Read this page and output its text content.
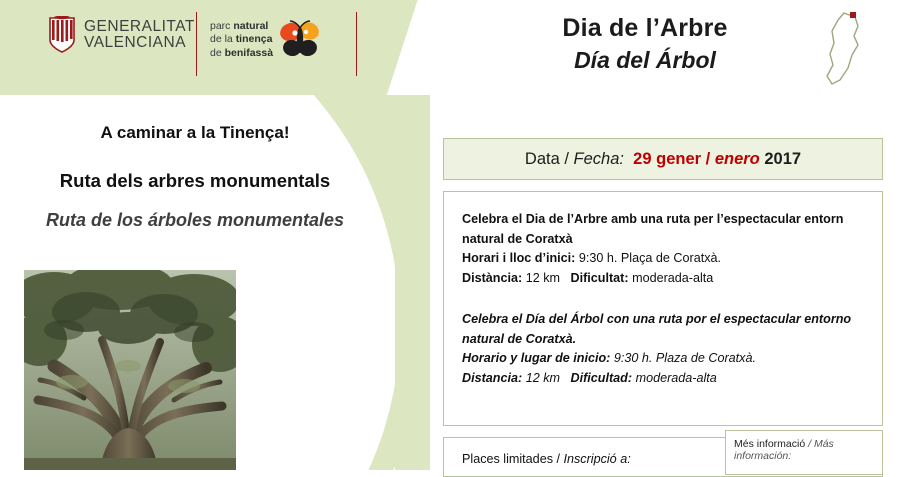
GENERALITAT
VALENCIANA
parc natural
de la tinença
de benifassà
Dia de l’Arbre
Día del Árbol
A caminar a la Tinença!
Ruta dels arbres monumentals
Ruta de los árboles monumentales
Data / Fecha: 29 gener / enero 2017
Celebra el Dia de l’Arbre amb una ruta per l’espectacular entorn natural de Coratxà
Horari i lloc d’inici: 9:30 h. Plaça de Coratxà.
Distància: 12 km Dificultat: moderada-alta
Celebra el Día del Árbol con una ruta por el espectacular entorno natural de Coratxà.
Horario y lugar de inicio: 9:30 h. Plaza de Coratxà.
Distancia: 12 km Dificultad: moderada-alta
Places limitades / Inscripció a:
Més informació / Más información:
